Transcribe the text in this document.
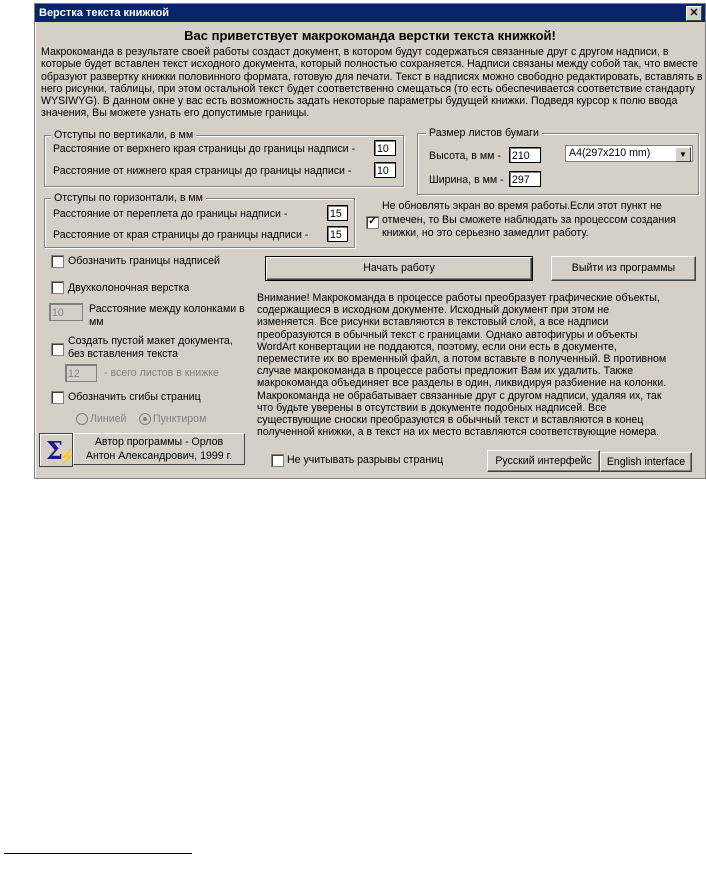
Верстка текста книжкой	✕
Вас приветствует макрокоманда верстки текста книжкой!
Макрокоманда в результате своей работы создаст документ, в котором будут содержаться связанные друг с другом надписи, в которые будет вставлен текст исходного документа, который полностью сохраняется. Надписи связаны между собой так, что вместе образуют развертку книжки половинного формата, готовую для печати. Текст в надписях можно свободно редактировать, вставлять в него рисунки, таблицы, при этом остальной текст будет соответственно смещаться (то есть обеспечивается соответствие стандарту WYSIWYG). В данном окне у вас есть возможность задать некоторые параметры будущей книжки. Подведя курсор к полю ввода значения, Вы можете узнать его допустимые границы.
Отступы по вертикали, в мм
Расстояние от верхнего края страницы до границы надписи - 10
Расстояние от нижнего края страницы до границы надписи - 10
Размер листов бумаги
Высота, в мм - 210	A4(297x210 mm)	▼
Ширина, в мм - 297
Отступы по горизонтали, в мм
Расстояние от переплета до границы надписи -	15
Расстояние от края страницы до границы надписи - 15
✓
Не обновлять экран во время работы.Если этот пункт не отмечен, то Вы сможете наблюдать за процессом создания книжки, но это серьезно замедлит работу.
Обозначить границы надписей
Двухколоночная верстка
10	Расстояние между колонками в мм
Создать пустой макет документа, без вставления текста
12	- всего листов в книжке
Обозначить сгибы страниц
Линией	Пунктиром
Σ
⚡
Автор программы - Орлов
Антон Александрович, 1999 г.
Начать работу	Выйти из программы
Внимание! Макрокоманда в процессе работы преобразует графические объекты, содержащиеся в исходном документе. Исходный документ при этом не изменяется. Все рисунки вставляются в текстовый слой, а все надписи преобразуются в обычный текст с границами. Однако автофигуры и объекты WordArt конвертации не поддаются, поэтому, если они есть в документе, переместите их во временный файл, а потом вставьте в полученный. В противном случае макрокоманда в процессе работы предложит Вам их удалить. Также макрокоманда объединяет все разделы в один, ликвидируя разбиение на колонки. Макрокоманда не обрабатывает связанные друг с другом надписи, удаляя их, так что будьте уверены в отсутствии в документе подобных надписей. Все существующие сноски преобразуются в обычный текст и вставляются в конец полученной книжки, а в текст на их место вставляются соответствующие номера.
Не учитывать разрывы страниц	Русский интерфейс	English interface
